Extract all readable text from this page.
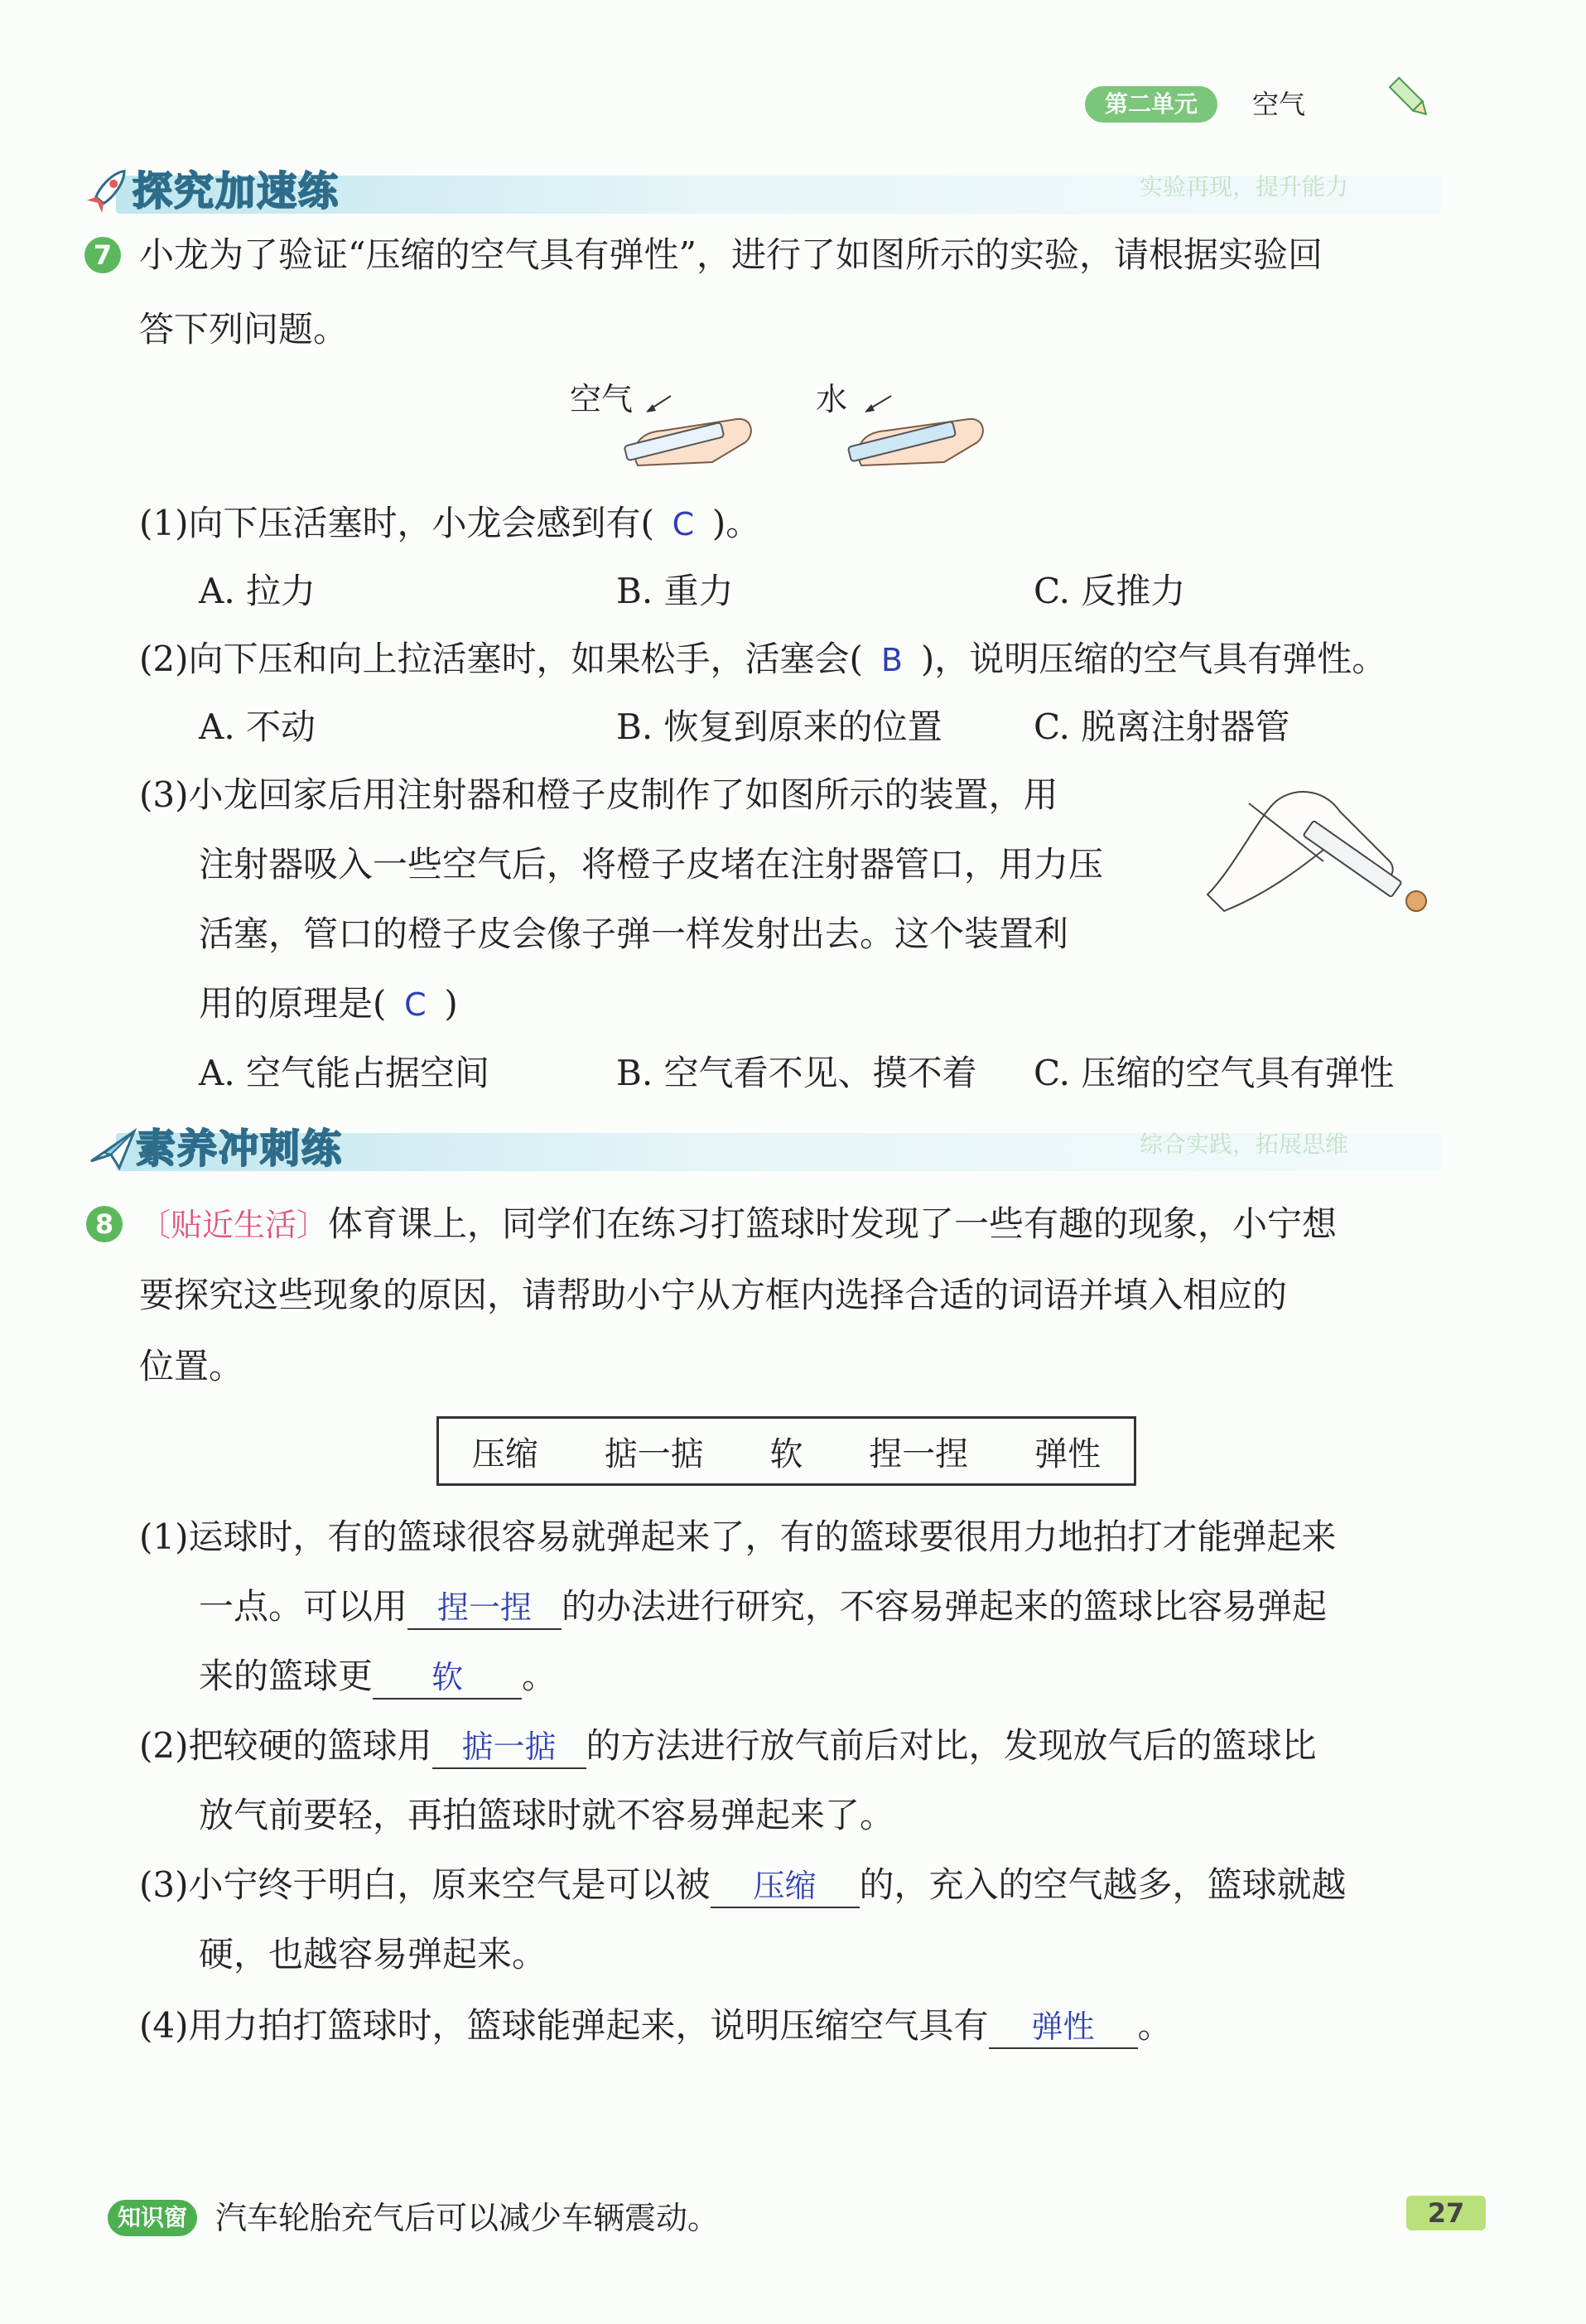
第二单元	空气
探究加速练	实验再现，提升能力
7 小龙为了验证“压缩的空气具有弹性”，进行了如图所示的实验，请根据实验回
答下列问题。
空气	水
(1)向下压活塞时，小龙会感到有( C )。
A. 拉力	B. 重力	C. 反推力
(2)向下压和向上拉活塞时，如果松手，活塞会( B )，说明压缩的空气具有弹性。
A. 不动	B. 恢复到原来的位置	C. 脱离注射器管
(3)小龙回家后用注射器和橙子皮制作了如图所示的装置，用
注射器吸入一些空气后，将橙子皮堵在注射器管口，用力压
活塞，管口的橙子皮会像子弹一样发射出去。这个装置利
用的原理是( C )
A. 空气能占据空间	B. 空气看不见、摸不着 C. 压缩的空气具有弹性
素养冲刺练	综合实践，拓展思维
8 〔贴近生活〕体育课上，同学们在练习打篮球时发现了一些有趣的现象，小宁想
要探究这些现象的原因，请帮助小宁从方框内选择合适的词语并填入相应的
位置。
压缩 掂一掂 软 捏一捏 弹性
(1)运球时，有的篮球很容易就弹起来了，有的篮球要很用力地拍打才能弹起来
一点。可以用 捏一捏 的办法进行研究，不容易弹起来的篮球比容易弹起
来的篮球更 软 。
(2)把较硬的篮球用 掂一掂 的方法进行放气前后对比，发现放气后的篮球比
放气前要轻，再拍篮球时就不容易弹起来了。
(3)小宁终于明白，原来空气是可以被 压缩 的，充入的空气越多，篮球就越
硬，也越容易弹起来。
(4)用力拍打篮球时，篮球能弹起来，说明压缩空气具有 弹性 。
知识窗 汽车轮胎充气后可以减少车辆震动。	27
